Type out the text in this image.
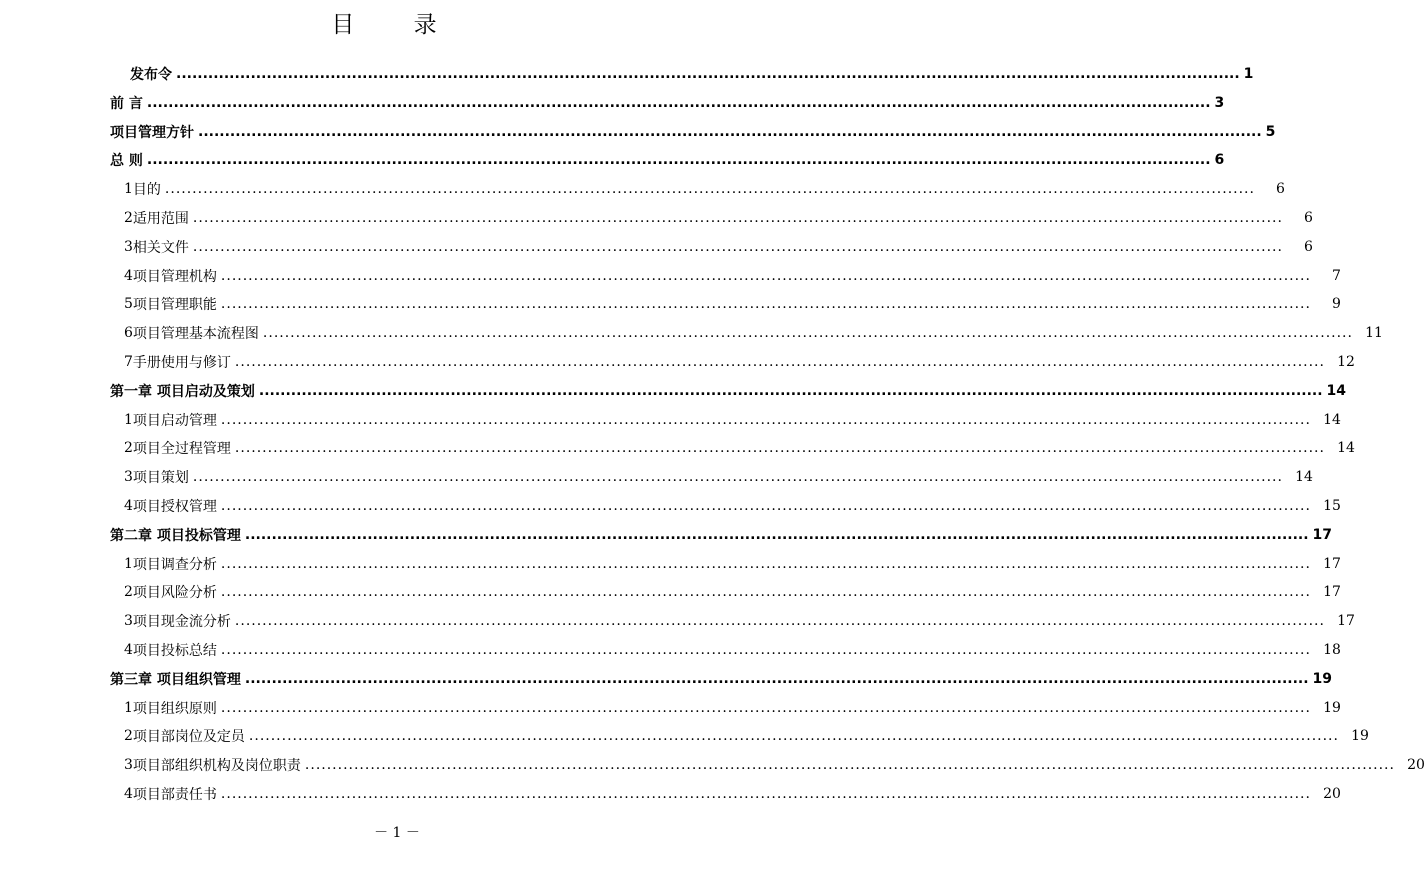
目 录
发布令 ........................................................................................................................................................................................................ 1
前 言 ........................................................................................................................................................................................................ 3
项目管理方针 ........................................................................................................................................................................................................ 5
总 则 ........................................................................................................................................................................................................ 6
1 目的 ........................................................................................................................................................................................................	6
2 适用范围 ........................................................................................................................................................................................................	6
3 相关文件 ........................................................................................................................................................................................................	6
4 项目管理机构 ........................................................................................................................................................................................................	7
5 项目管理职能 ........................................................................................................................................................................................................	9
6 项目管理基本流程图 ........................................................................................................................................................................................................ 11
7 手册使用与修订 ........................................................................................................................................................................................................ 12
第一章 项目启动及策划 ........................................................................................................................................................................................................ 14
1 项目启动管理 ........................................................................................................................................................................................................ 14
2 项目全过程管理 ........................................................................................................................................................................................................ 14
3 项目策划 ........................................................................................................................................................................................................ 14
4 项目授权管理 ........................................................................................................................................................................................................ 15
第二章 项目投标管理 ........................................................................................................................................................................................................ 17
1 项目调查分析 ........................................................................................................................................................................................................ 17
2 项目风险分析 ........................................................................................................................................................................................................ 17
3 项目现金流分析 ........................................................................................................................................................................................................ 17
4 项目投标总结 ........................................................................................................................................................................................................ 18
第三章 项目组织管理 ........................................................................................................................................................................................................ 19
1 项目组织原则 ........................................................................................................................................................................................................ 19
2 项目部岗位及定员 ........................................................................................................................................................................................................ 19
3 项目部组织机构及岗位职责 ........................................................................................................................................................................................................ 20
4 项目部责任书 ........................................................................................................................................................................................................ 20
－ 1 －
